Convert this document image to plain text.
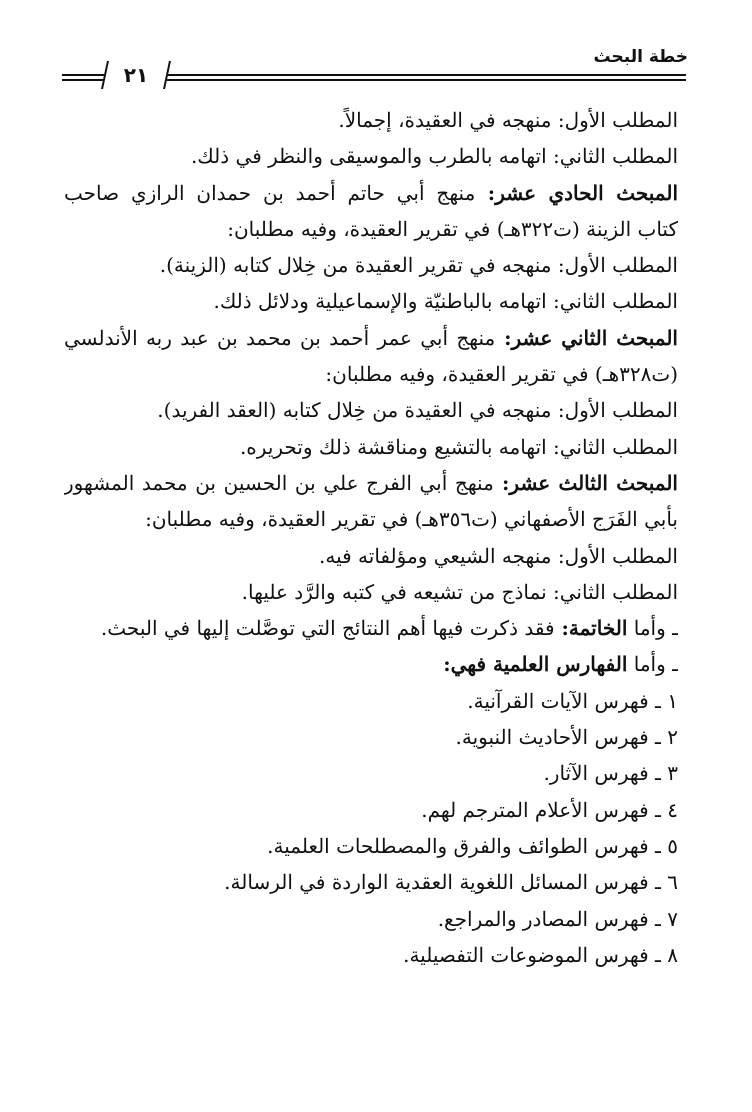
خطة البحث
٢١
المطلب الأول: منهجه في العقيدة، إجمالاً.
المطلب الثاني: اتهامه بالطرب والموسيقى والنظر في ذلك.
المبحث الحادي عشر: منهج أبي حاتم أحمد بن حمدان الرازي صاحب
كتاب الزينة (ت٣٢٢هـ) في تقرير العقيدة، وفيه مطلبان:
المطلب الأول: منهجه في تقرير العقيدة من خِلال كتابه (الزينة).
المطلب الثاني: اتهامه بالباطنيّة والإسماعيلية ودلائل ذلك.
المبحث الثاني عشر: منهج أبي عمر أحمد بن محمد بن عبد ربه الأندلسي
(ت٣٢٨هـ) في تقرير العقيدة، وفيه مطلبان:
المطلب الأول: منهجه في العقيدة من خِلال كتابه (العقد الفريد).
المطلب الثاني: اتهامه بالتشيع ومناقشة ذلك وتحريره.
المبحث الثالث عشر: منهج أبي الفرج علي بن الحسين بن محمد المشهور
بأبي الفَرَج الأصفهاني (ت٣٥٦هـ) في تقرير العقيدة، وفيه مطلبان:
المطلب الأول: منهجه الشيعي ومؤلفاته فيه.
المطلب الثاني: نماذج من تشيعه في كتبه والرَّد عليها.
ـ وأما الخاتمة: فقد ذكرت فيها أهم النتائج التي توصَّلت إليها في البحث.
ـ وأما الفهارس العلمية فهي:
١ ـ فهرس الآيات القرآنية.
٢ ـ فهرس الأحاديث النبوية.
٣ ـ فهرس الآثار.
٤ ـ فهرس الأعلام المترجم لهم.
٥ ـ فهرس الطوائف والفرق والمصطلحات العلمية.
٦ ـ فهرس المسائل اللغوية العقدية الواردة في الرسالة.
٧ ـ فهرس المصادر والمراجع.
٨ ـ فهرس الموضوعات التفصيلية.
